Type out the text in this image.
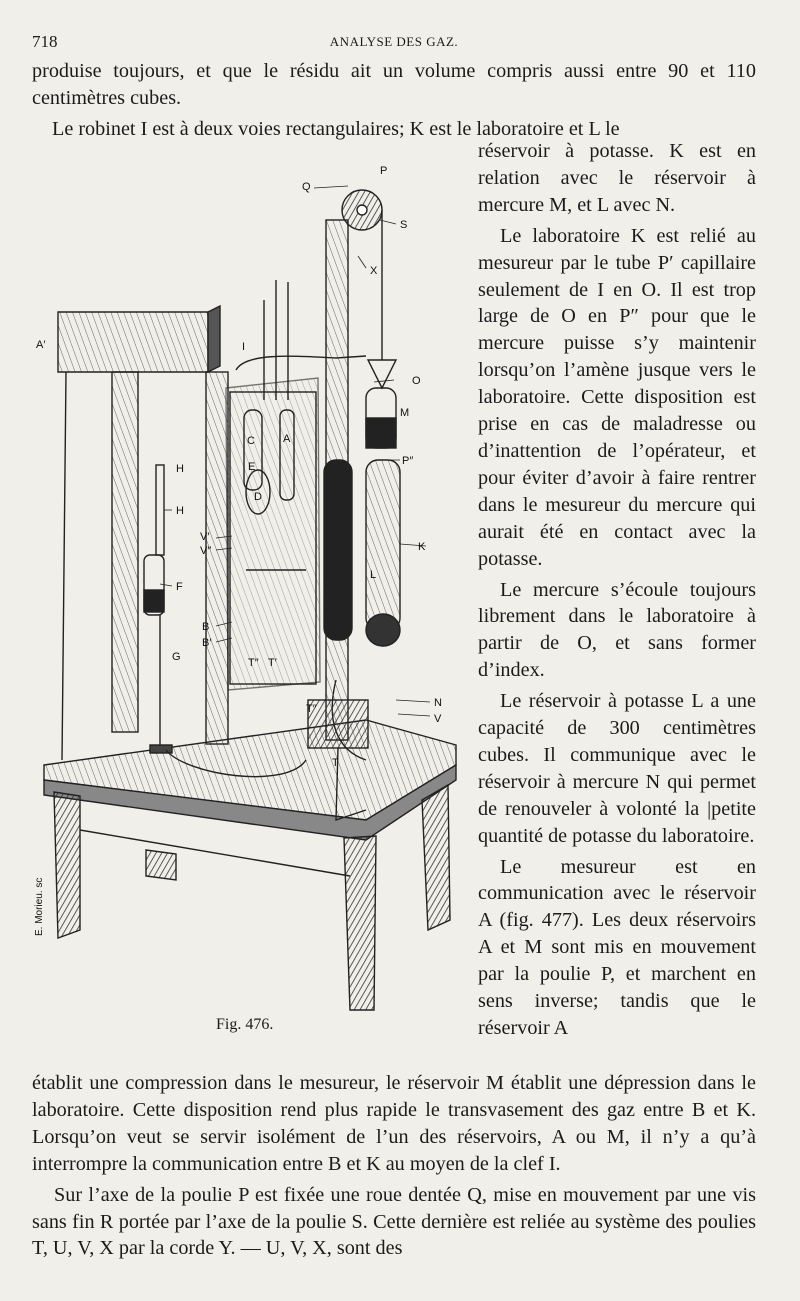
718	ANALYSE DES GAZ.

produise toujours, et que le résidu ait un volume compris aussi entre 90 et 110 centimètres cubes.

Le robinet I est à deux voies rectangulaires; K est le laboratoire et L le

réservoir à potasse. K est en relation avec le réservoir à mercure M, et L avec N.

Le laboratoire K est relié au mesureur par le tube P′ capillaire seulement de I en O. Il est trop large de O en P″ pour que le mercure puisse s’y maintenir lorsqu’on l’amène jusque vers le laboratoire. Cette disposition est prise en cas de maladresse ou d’inattention de l’opérateur, et pour éviter d’avoir à faire rentrer dans le mesureur du mercure qui aurait été en contact avec la potasse.

Le mercure s’écoule toujours librement dans le laboratoire à partir de O, et sans former d’index.

Le réservoir à potasse L a une capacité de 300 centimètres cubes. Il communique avec le réservoir à mercure N qui permet de renouveler à volonté la |petite quantité de potasse du laboratoire.

Le mesureur est en communication avec le réservoir A (fig. 477). Les deux réservoirs A et M sont mis en mouvement par la poulie P, et marchent en sens inverse; tandis que le réservoir A

A′
P
Q
S
X
I
O
M
P″
K
C	A
E
D
L
H
H
V′
V″
F
G
B
B′
T″ T′
T″
T
N
V
E. Morieu. sc
Fig. 476.

établit une compression dans le mesureur, le réservoir M établit une dépression dans le laboratoire. Cette disposition rend plus rapide le transvasement des gaz entre B et K. Lorsqu’on veut se servir isolément de l’un des réservoirs, A ou M, il n’y a qu’à interrompre la communication entre B et K au moyen de la clef I.

Sur l’axe de la poulie P est fixée une roue dentée Q, mise en mouvement par une vis sans fin R portée par l’axe de la poulie S. Cette dernière est reliée au système des poulies T, U, V, X par la corde Y. — U, V, X, sont des
